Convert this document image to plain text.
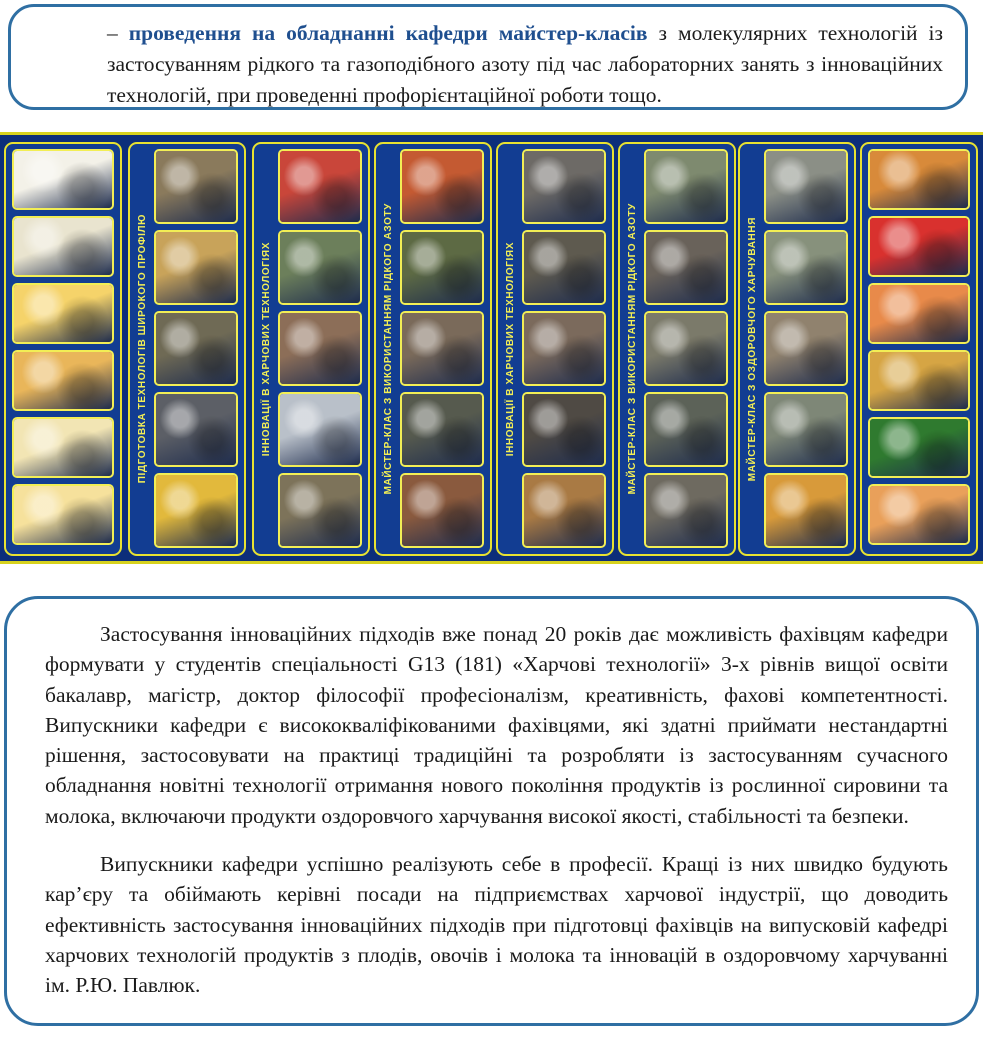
– проведення на обладнанні кафедри майстер-класів з молекулярних технологій із застосуванням рідкого та газоподібного азоту під час лабораторних занять з інноваційних технологій, при проведенні профорієнтаційної роботи тощо.
ПІДГОТОВКА ТЕХНОЛОГІВ ШИРОКОГО ПРОФІЛЮ	ІННОВАЦІЇ В ХАРЧОВИХ ТЕХНОЛОГІЯХ	МАЙСТЕР-КЛАС З ВИКОРИСТАННЯМ РІДКОГО АЗОТУ	ІННОВАЦІЇ В ХАРЧОВИХ ТЕХНОЛОГІЯХ	МАЙСТЕР-КЛАС З ВИКОРИСТАННЯМ РІДКОГО АЗОТУ	МАЙСТЕР-КЛАС З ОЗДОРОВЧОГО ХАРЧУВАННЯ

Застосування інноваційних підходів вже понад 20 років дає можливість фахівцям кафедри формувати у студентів спеціальності G13 (181) «Харчові технології» 3-х рівнів вищої освіти бакалавр, магістр, доктор філософії професіоналізм, креативність, фахові компетентності. Випускники кафедри є висококваліфікованими фахівцями, які здатні приймати нестандартні рішення, застосовувати на практиці традиційні та розробляти із застосуванням сучасного обладнання новітні технології отримання нового покоління продуктів із рослинної сировини та молока, включаючи продукти оздоровчого харчування високої якості, стабільності та безпеки.

Випускники кафедри успішно реалізують себе в професії. Кращі із них швидко будують кар’єру та обіймають керівні посади на підприємствах харчової індустрії, що доводить ефективність застосування інноваційних підходів при підготовці фахівців на випусковій кафедрі харчових технологій продуктів з плодів, овочів і молока та інновацій в оздоровчому харчуванні ім. Р.Ю. Павлюк.
